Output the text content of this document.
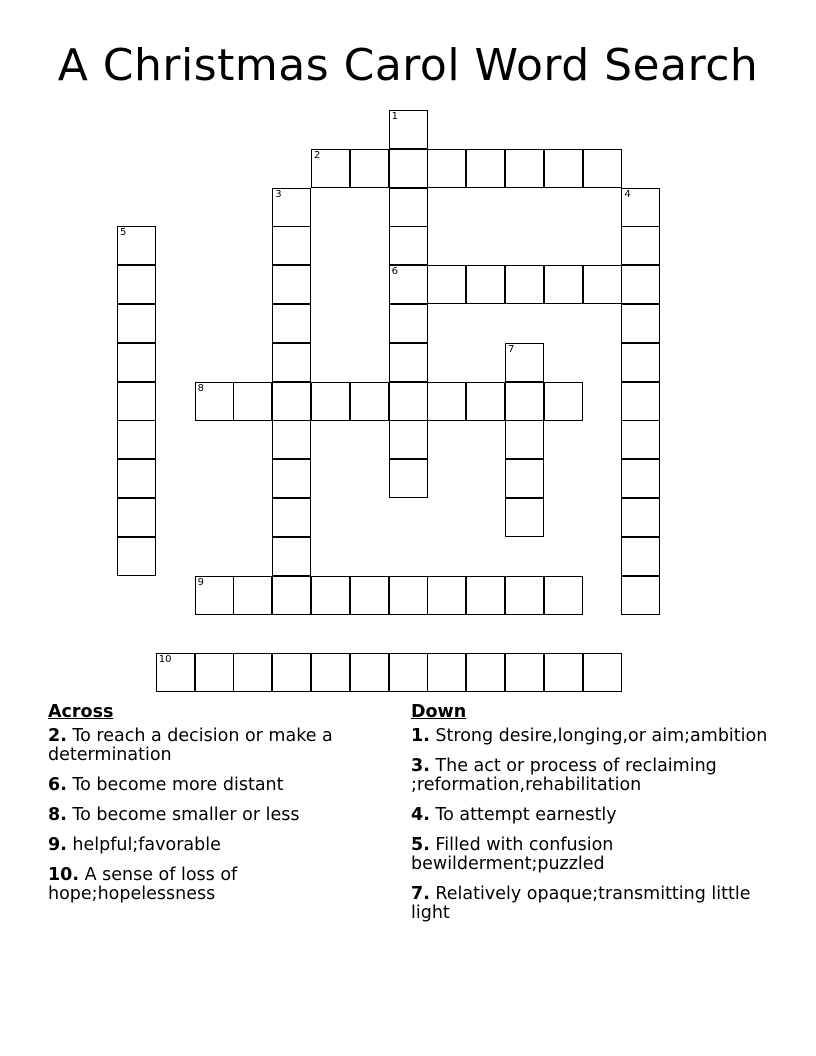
A Christmas Carol Word Search
1
6
2
3	4
5
7
8
9
10
Across
2. To reach a decision or make a determination
6. To become more distant
8. To become smaller or less
9. helpful;favorable
10. A sense of loss of hope;hopelessness
Down
1. Strong desire,longing,or aim;ambition
3. The act or process of reclaiming ;reformation,rehabilitation
4. To attempt earnestly
5. Filled with confusion bewilderment;puzzled
7. Relatively opaque;transmitting little light
